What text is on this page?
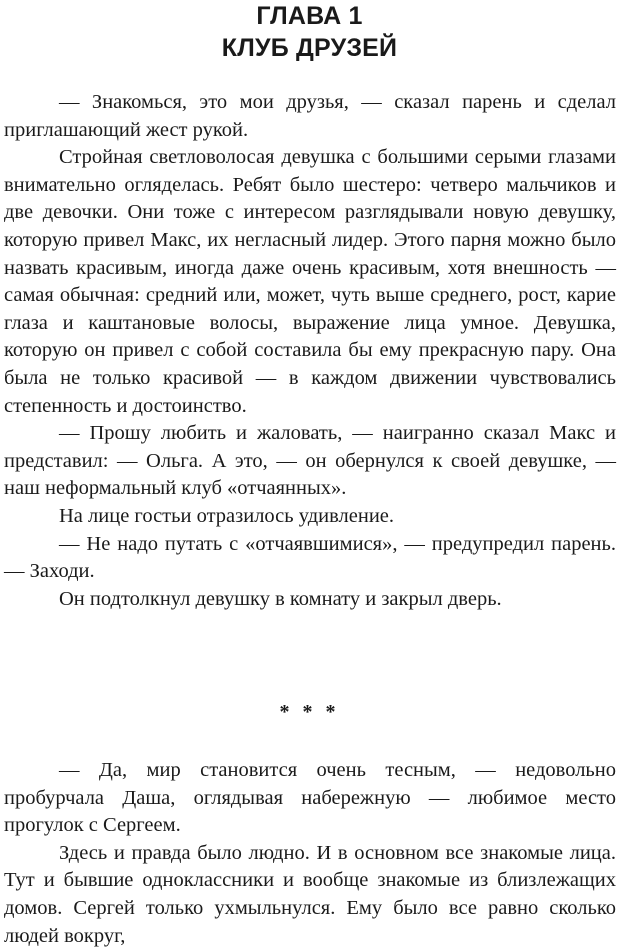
ГЛАВА 1
КЛУБ ДРУЗЕЙ

— Знакомься, это мои друзья, — сказал парень и сделал приглашающий жест рукой.

Стройная светловолосая девушка с большими серыми глазами внимательно огляделась. Ребят было шестеро: четверо мальчиков и две девочки. Они тоже с интересом разглядывали новую девушку, которую привел Макс, их негласный лидер. Этого парня можно было назвать красивым, иногда даже очень красивым, хотя внешность — самая обычная: средний или, может, чуть выше среднего, рост, карие глаза и каштановые волосы, выражение лица умное. Девушка, которую он привел с собой составила бы ему прекрасную пару. Она была не только красивой — в каждом движении чувствовались степенность и достоинство.

— Прошу любить и жаловать, — наигранно сказал Макс и представил: — Ольга. А это, — он обернулся к своей девушке, — наш неформальный клуб «отчаянных».

На лице гостьи отразилось удивление.

— Не надо путать с «отчаявшимися», — предупредил парень. — Заходи.

Он подтолкнул девушку в комнату и закрыл дверь.

* * *

— Да, мир становится очень тесным, — недовольно пробурчала Даша, оглядывая набережную — любимое место прогулок с Сергеем.

Здесь и правда было людно. И в основном все знакомые лица. Тут и бывшие одноклассники и вообще знакомые из близлежащих домов. Сергей только ухмыльнулся. Ему было все равно сколько людей вокруг,
